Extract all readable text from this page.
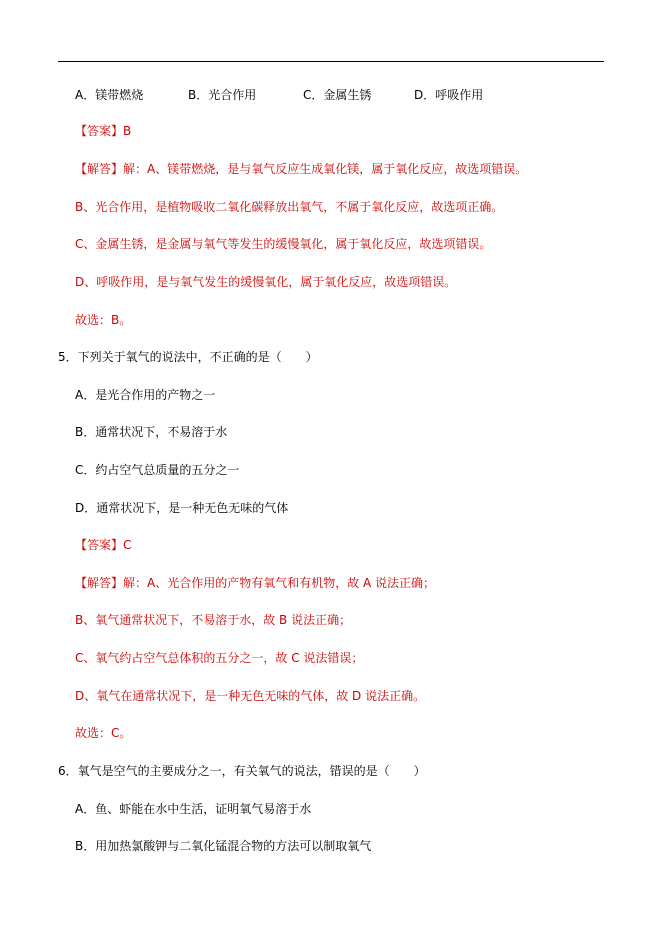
A．镁带燃烧	B．光合作用	C．金属生锈	D．呼吸作用
【答案】B
【解答】解：A、镁带燃烧，是与氧气反应生成氧化镁，属于氧化反应，故选项错误。
B、光合作用，是植物吸收二氧化碳释放出氧气，不属于氧化反应，故选项正确。
C、金属生锈，是金属与氧气等发生的缓慢氧化，属于氧化反应，故选项错误。
D、呼吸作用，是与氧气发生的缓慢氧化，属于氧化反应，故选项错误。
故选：B。
5．下列关于氧气的说法中，不正确的是（　　）
A．是光合作用的产物之一
B．通常状况下，不易溶于水
C．约占空气总质量的五分之一
D．通常状况下，是一种无色无味的气体
【答案】C
【解答】解：A、光合作用的产物有氧气和有机物，故 A 说法正确；
B、氧气通常状况下，不易溶于水，故 B 说法正确；
C、氧气约占空气总体积的五分之一，故 C 说法错误；
D、氧气在通常状况下，是一种无色无味的气体，故 D 说法正确。
故选：C。
6．氧气是空气的主要成分之一，有关氧气的说法，错误的是（　　）
A．鱼、虾能在水中生活，证明氧气易溶于水
B．用加热氯酸钾与二氧化锰混合物的方法可以制取氧气
